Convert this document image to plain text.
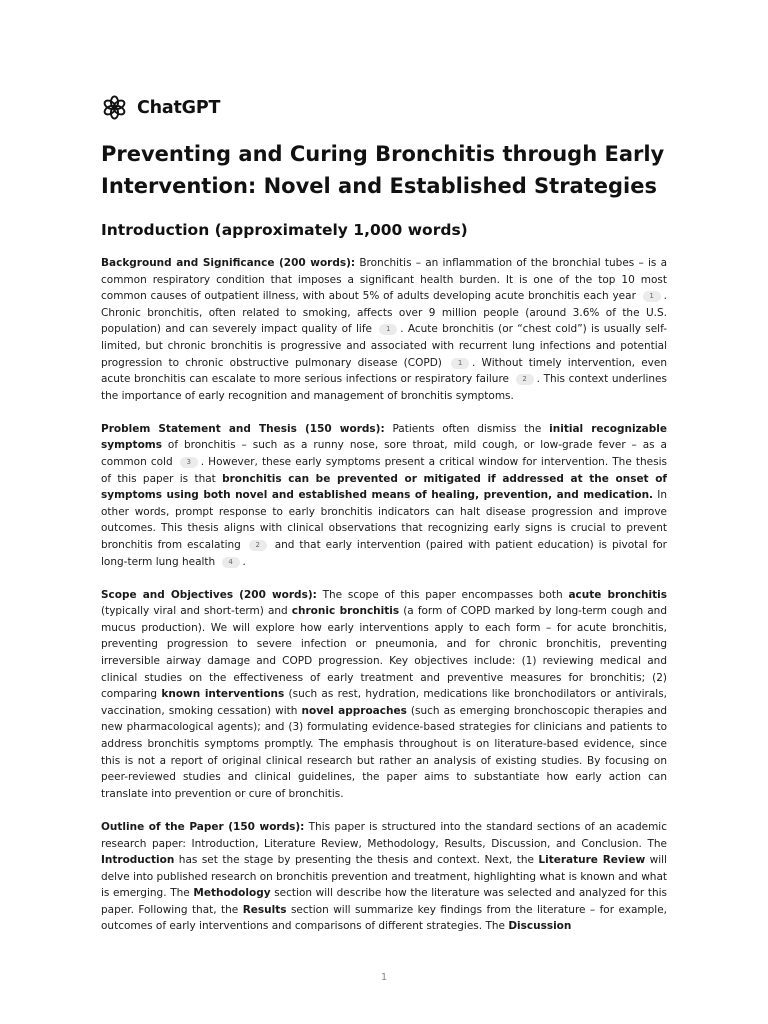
ChatGPT
Preventing and Curing Bronchitis through Early Intervention: Novel and Established Strategies
Introduction (approximately 1,000 words)

Background and Significance (200 words): Bronchitis – an inflammation of the bronchial tubes – is a common respiratory condition that imposes a significant health burden. It is one of the top 10 most common causes of outpatient illness, with about 5% of adults developing acute bronchitis each year 1 . Chronic bronchitis, often related to smoking, affects over 9 million people (around 3.6% of the U.S. population) and can severely impact quality of life 1 . Acute bronchitis (or “chest cold”) is usually self-limited, but chronic bronchitis is progressive and associated with recurrent lung infections and potential progression to chronic obstructive pulmonary disease (COPD) 1 . Without timely intervention, even acute bronchitis can escalate to more serious infections or respiratory failure 2 . This context underlines the importance of early recognition and management of bronchitis symptoms.

Problem Statement and Thesis (150 words): Patients often dismiss the initial recognizable symptoms of bronchitis – such as a runny nose, sore throat, mild cough, or low-grade fever – as a common cold 3 . However, these early symptoms present a critical window for intervention. The thesis of this paper is that bronchitis can be prevented or mitigated if addressed at the onset of symptoms using both novel and established means of healing, prevention, and medication. In other words, prompt response to early bronchitis indicators can halt disease progression and improve outcomes. This thesis aligns with clinical observations that recognizing early signs is crucial to prevent bronchitis from escalating 2 and that early intervention (paired with patient education) is pivotal for long-term lung health 4 .

Scope and Objectives (200 words): The scope of this paper encompasses both acute bronchitis (typically viral and short-term) and chronic bronchitis (a form of COPD marked by long-term cough and mucus production). We will explore how early interventions apply to each form – for acute bronchitis, preventing progression to severe infection or pneumonia, and for chronic bronchitis, preventing irreversible airway damage and COPD progression. Key objectives include: (1) reviewing medical and clinical studies on the effectiveness of early treatment and preventive measures for bronchitis; (2) comparing known interventions (such as rest, hydration, medications like bronchodilators or antivirals, vaccination, smoking cessation) with novel approaches (such as emerging bronchoscopic therapies and new pharmacological agents); and (3) formulating evidence-based strategies for clinicians and patients to address bronchitis symptoms promptly. The emphasis throughout is on literature-based evidence, since this is not a report of original clinical research but rather an analysis of existing studies. By focusing on peer-reviewed studies and clinical guidelines, the paper aims to substantiate how early action can translate into prevention or cure of bronchitis.

Outline of the Paper (150 words): This paper is structured into the standard sections of an academic research paper: Introduction, Literature Review, Methodology, Results, Discussion, and Conclusion. The Introduction has set the stage by presenting the thesis and context. Next, the Literature Review will delve into published research on bronchitis prevention and treatment, highlighting what is known and what is emerging. The Methodology section will describe how the literature was selected and analyzed for this paper. Following that, the Results section will summarize key findings from the literature – for example, outcomes of early interventions and comparisons of different strategies. The Discussion

1
